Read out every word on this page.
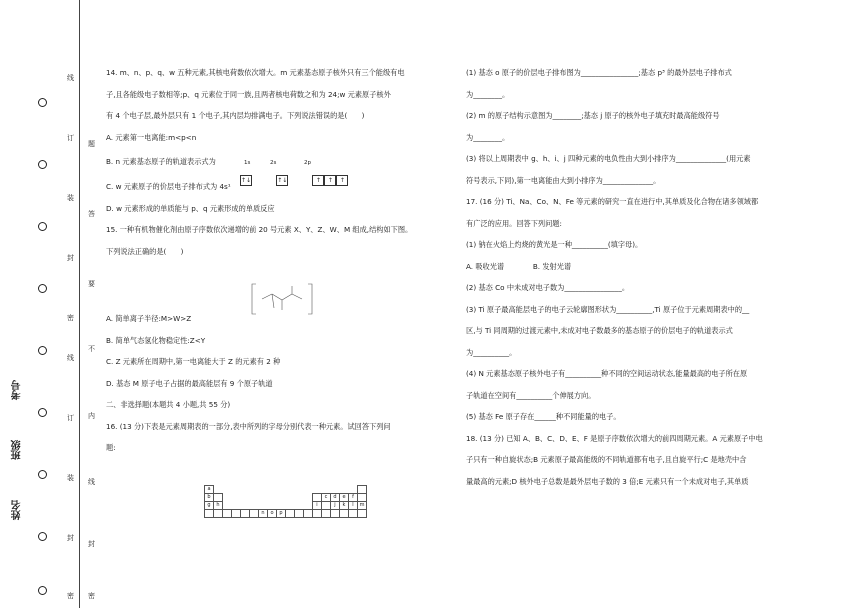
线
订
装
封
密
线
订
装
封
密
题
答
要
不
内
线
封
密
姓名
班级
考号

14. m、n、p、q、w 五种元素,其核电荷数依次增大。m 元素基态原子核外只有三个能级有电

子,且各能级电子数相等;p、q 元素位于同一族,且两者核电荷数之和为 24;w 元素原子核外

有 4 个电子层,最外层只有 1 个电子,其内层均排满电子。下列说法错误的是(　　)

A. 元素第一电离能:m<p<n

B. n 元素基态原子的轨道表示式为

C. w 元素原子的价层电子排布式为 4s¹

D. w 元素形成的单质能与 p、q 元素形成的单质反应

15. 一种有机物催化剂由原子序数依次递增的前 20 号元素 X、Y、Z、W、M 组成,结构如下图。

下列说法正确的是(　　)

A. 简单离子半径:M>W>Z

B. 简单气态氢化物稳定性:Z<Y

C. Z 元素所在周期中,第一电离能大于 Z 的元素有 2 种

D. 基态 M 原子电子占据的最高能层有 9 个原子轨道

二、非选择题(本题共 4 小题,共 55 分)

16. (13 分)下表是元素周期表的一部分,表中所列的字母分别代表一种元素。试回答下列问

题:

1s	2s	2p
↑↓	↑↓	↑ ↑ ↑
a																	
b													c	d	e	f	
g	h											i		j	k	l	m
						n	o	p									

(1) 基态 o 原子的价层电子排布图为________________;基态 p³ 的最外层电子排布式

为________。

(2) m 的原子结构示意图为________;基态 j 原子的核外电子填充时最高能级符号

为________。

(3) 将以上周期表中 g、h、i、j 四种元素的电负性由大到小排序为______________(用元素

符号表示,下同),第一电离能由大到小排序为______________。

17. (16 分) Ti、Na、Co、N、Fe 等元素的研究一直在进行中,其单质及化合物在诸多领域都

有广泛的应用。回答下列问题:

(1) 钠在火焰上灼烧的黄光是一种__________(填字母)。

A. 吸收光谱　　　　B. 发射光谱

(2) 基态 Co 中未成对电子数为________________。

(3) Ti 原子最高能层电子的电子云轮廓图形状为__________,Ti 原子位于元素周期表中的__

区,与 Ti 同周期的过渡元素中,未成对电子数最多的基态原子的价层电子的轨道表示式

为__________。

(4) N 元素基态原子核外电子有__________种不同的空间运动状态,能量最高的电子所在原

子轨道在空间有__________个伸展方向。

(5) 基态 Fe 原子存在______种不同能量的电子。

18. (13 分) 已知 A、B、C、D、E、F 是原子序数依次增大的前四周期元素。A 元素原子中电

子只有一种自旋状态;B 元素原子最高能级的不同轨道都有电子,且自旋平行;C 是地壳中含

量最高的元素;D 核外电子总数是最外层电子数的 3 倍;E 元素只有一个未成对电子,其单质
